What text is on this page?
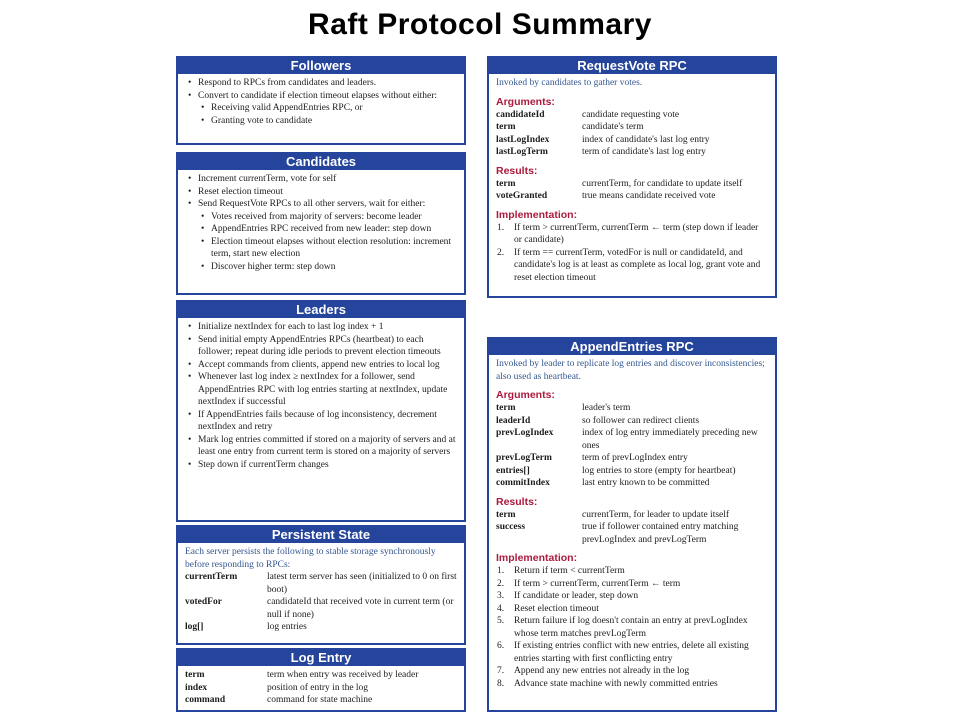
Raft Protocol Summary
Followers
• Respond to RPCs from candidates and leaders.
• Convert to candidate if election timeout elapses without either:
• Receiving valid AppendEntries RPC, or
• Granting vote to candidate
Candidates
• Increment currentTerm, vote for self
• Reset election timeout
• Send RequestVote RPCs to all other servers, wait for either:
• Votes received from majority of servers: become leader
• AppendEntries RPC received from new leader: step down
• Election timeout elapses without election resolution: increment term, start new election
• Discover higher term: step down
Leaders
• Initialize nextIndex for each to last log index + 1
• Send initial empty AppendEntries RPCs (heartbeat) to each follower; repeat during idle periods to prevent election timeouts
• Accept commands from clients, append new entries to local log
• Whenever last log index ≥ nextIndex for a follower, send AppendEntries RPC with log entries starting at nextIndex, update nextIndex if successful
• If AppendEntries fails because of log inconsistency, decrement nextIndex and retry
• Mark log entries committed if stored on a majority of servers and at least one entry from current term is stored on a majority of servers
• Step down if currentTerm changes
Persistent State
Each server persists the following to stable storage synchronously before responding to RPCs:
currentTerm	latest term server has seen (initialized to 0 on first boot)
votedFor	candidateId that received vote in current term (or null if none)
log[]	log entries
Log Entry
term	term when entry was received by leader
index	position of entry in the log
command	command for state machine
RequestVote RPC
Invoked by candidates to gather votes.
Arguments:
candidateId	candidate requesting vote
term	candidate's term
lastLogIndex	index of candidate's last log entry
lastLogTerm	term of candidate's last log entry
Results:
term	currentTerm, for candidate to update itself
voteGranted	true means candidate received vote
Implementation:
1.	If term > currentTerm, currentTerm ← term (step down if leader or candidate)
2.	If term == currentTerm, votedFor is null or candidateId, and candidate's log is at least as complete as local log, grant vote and reset election timeout
AppendEntries RPC
Invoked by leader to replicate log entries and discover inconsistencies; also used as heartbeat.
Arguments:
term	leader's term
leaderId	so follower can redirect clients
prevLogIndex	index of log entry immediately preceding new ones
prevLogTerm	term of prevLogIndex entry
entries[]	log entries to store (empty for heartbeat)
commitIndex	last entry known to be committed
Results:
term	currentTerm, for leader to update itself
success	true if follower contained entry matching prevLogIndex and prevLogTerm
Implementation:
1.	Return if term < currentTerm
2.	If term > currentTerm, currentTerm ← term
3.	If candidate or leader, step down
4.	Reset election timeout
5.	Return failure if log doesn't contain an entry at prevLogIndex whose term matches prevLogTerm
6.	If existing entries conflict with new entries, delete all existing entries starting with first conflicting entry
7.	Append any new entries not already in the log
8.	Advance state machine with newly committed entries
